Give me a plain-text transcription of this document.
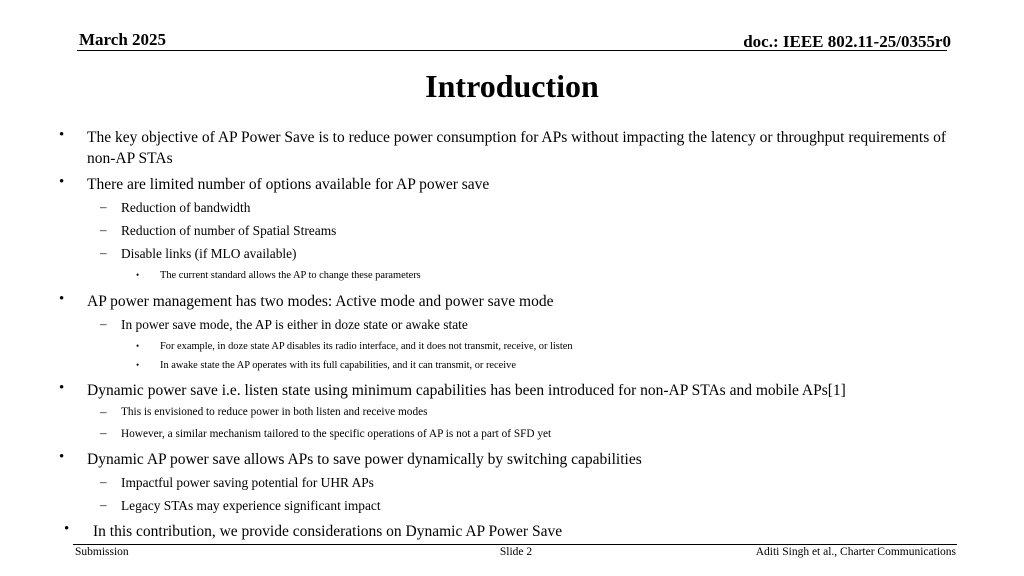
March 2025	doc.: IEEE 802.11-25/0355r0
Introduction
• The key objective of AP Power Save is to reduce power consumption for APs without impacting the latency or throughput requirements of non-AP STAs
• There are limited number of options available for AP power save
– Reduction of bandwidth
– Reduction of number of Spatial Streams
– Disable links (if MLO available)
• The current standard allows the AP to change these parameters
• AP power management has two modes: Active mode and power save mode
– In power save mode, the AP is either in doze state or awake state
• For example, in doze state AP disables its radio interface, and it does not transmit, receive, or listen
• In awake state the AP operates with its full capabilities, and it can transmit, or receive
• Dynamic power save i.e. listen state using minimum capabilities has been introduced for non-AP STAs and mobile APs[1]
– This is envisioned to reduce power in both listen and receive modes
– However, a similar mechanism tailored to the specific operations of AP is not a part of SFD yet
• Dynamic AP power save allows APs to save power dynamically by switching capabilities
– Impactful power saving potential for UHR APs
– Legacy STAs may experience significant impact
• In this contribution, we provide considerations on Dynamic AP Power Save
Submission	Slide 2	Aditi Singh et al., Charter Communications
